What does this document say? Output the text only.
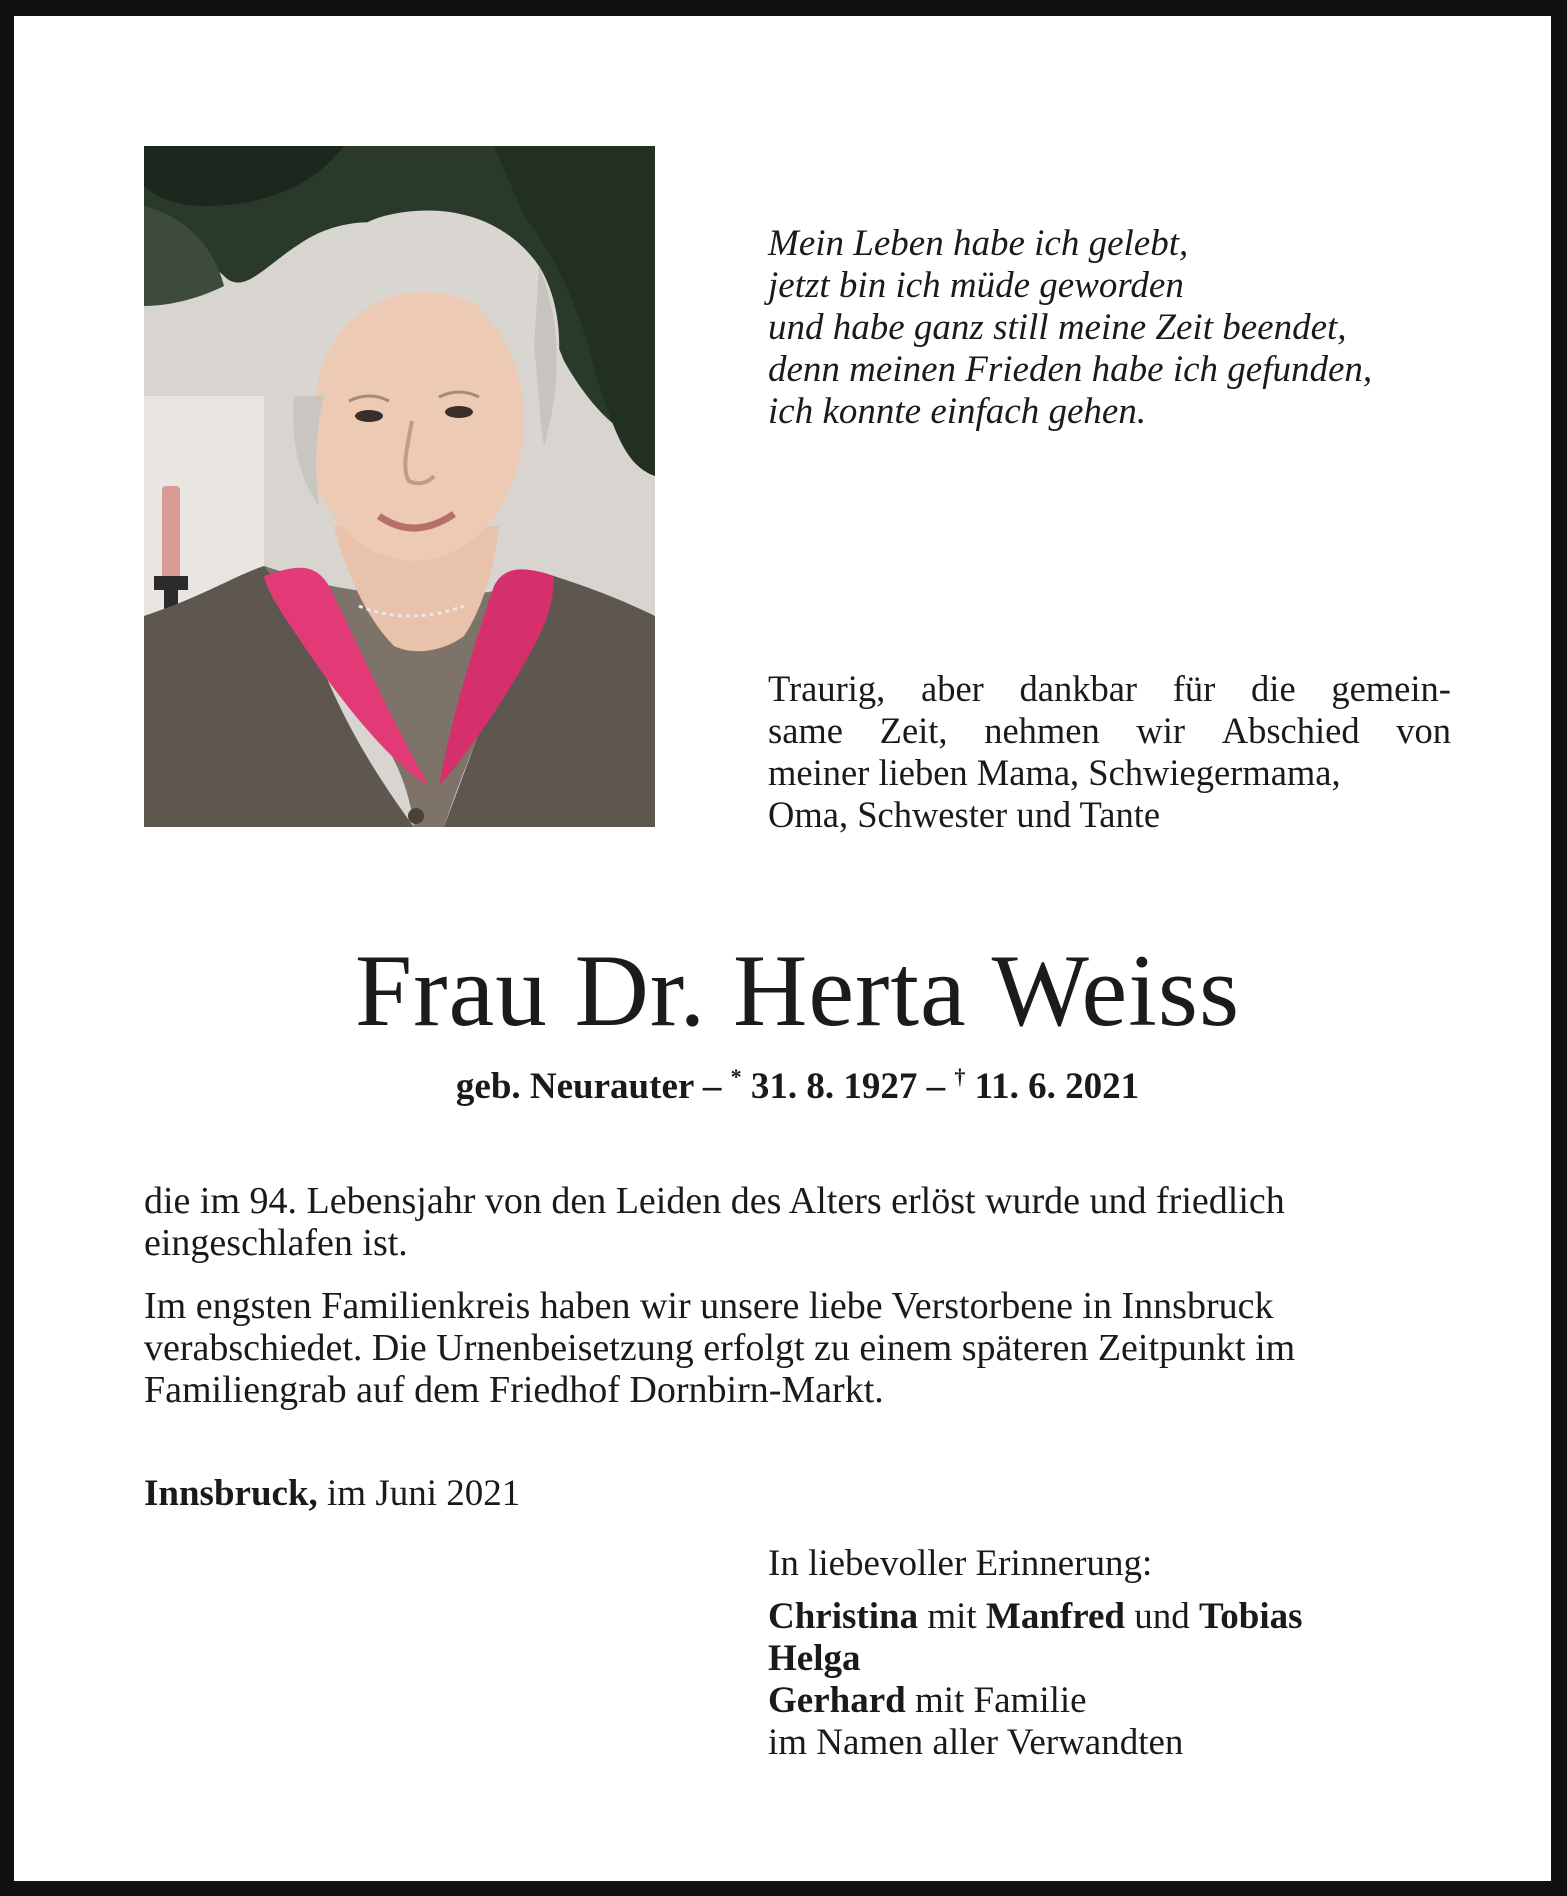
Mein Leben habe ich gelebt,
jetzt bin ich müde geworden
und habe ganz still meine Zeit beendet,
denn meinen Frieden habe ich gefunden,
ich konnte einfach gehen.
Traurig, aber dankbar für die gemein-
same Zeit, nehmen wir Abschied von
meiner lieben Mama, Schwiegermama,
Oma, Schwester und Tante
Frau Dr. Herta Weiss
geb. Neurauter – * 31. 8. 1927 – † 11. 6. 2021
die im 94. Lebensjahr von den Leiden des Alters erlöst wurde und friedlich
eingeschlafen ist.
Im engsten Familienkreis haben wir unsere liebe Verstorbene in Innsbruck
verabschiedet. Die Urnenbeisetzung erfolgt zu einem späteren Zeitpunkt im
Familiengrab auf dem Friedhof Dornbirn-Markt.
Innsbruck, im Juni 2021
In liebevoller Erinnerung:
Christina mit Manfred und Tobias
Helga
Gerhard mit Familie
im Namen aller Verwandten
